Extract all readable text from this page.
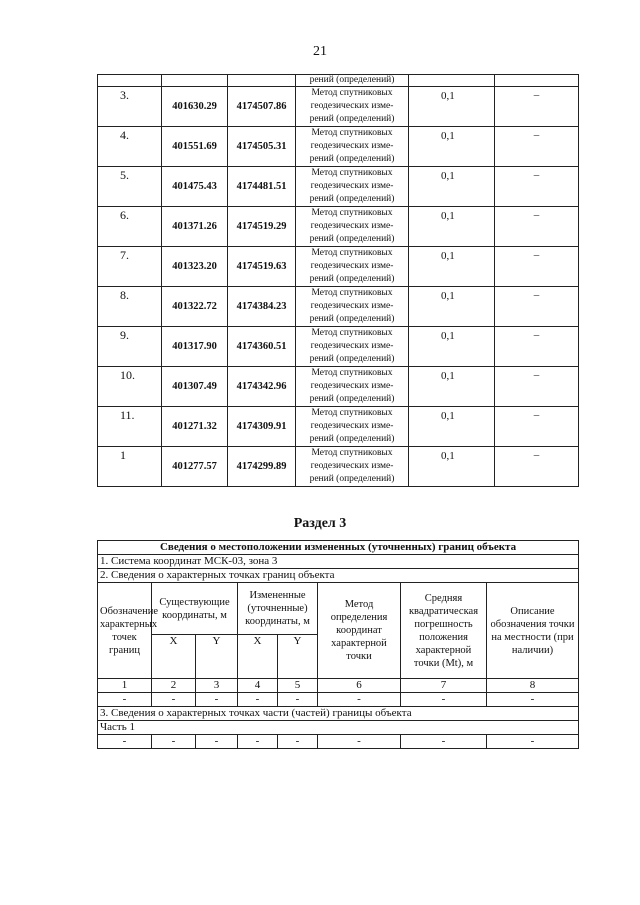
21
			рений (определений)		
3.	401630.29	4174507.86	Метод спутниковых
геодезических изме-
рений (определений)	0,1	–
4.	401551.69	4174505.31	Метод спутниковых
геодезических изме-
рений (определений)	0,1	–
5.	401475.43	4174481.51	Метод спутниковых
геодезических изме-
рений (определений)	0,1	–
6.	401371.26	4174519.29	Метод спутниковых
геодезических изме-
рений (определений)	0,1	–
7.	401323.20	4174519.63	Метод спутниковых
геодезических изме-
рений (определений)	0,1	–
8.	401322.72	4174384.23	Метод спутниковых
геодезических изме-
рений (определений)	0,1	–
9.	401317.90	4174360.51	Метод спутниковых
геодезических изме-
рений (определений)	0,1	–
10.	401307.49	4174342.96	Метод спутниковых
геодезических изме-
рений (определений)	0,1	–
11.	401271.32	4174309.91	Метод спутниковых
геодезических изме-
рений (определений)	0,1	–
1	401277.57	4174299.89	Метод спутниковых
геодезических изме-
рений (определений)	0,1	–
Раздел 3
Сведения о местоположении измененных (уточненных) границ объекта							
1. Система координат МСК-03, зона 3							
2. Сведения о характерных точках границ объекта							
Обозначение характерных точек границ	Существующие координаты, м		Измененные (уточненные) координаты, м		Метод определения координат характерной точки	Средняя квадратическая погрешность положения характерной точки (Mt), м	Описание обозначения точки на местности (при наличии)
	X	Y	X	Y			
1	2	3	4	5	6	7	8
-	-	-	-	-	-	-	-
3. Сведения о характерных точках части (частей) границы объекта							
Часть 1							
-	-	-	-	-	-	-	-
